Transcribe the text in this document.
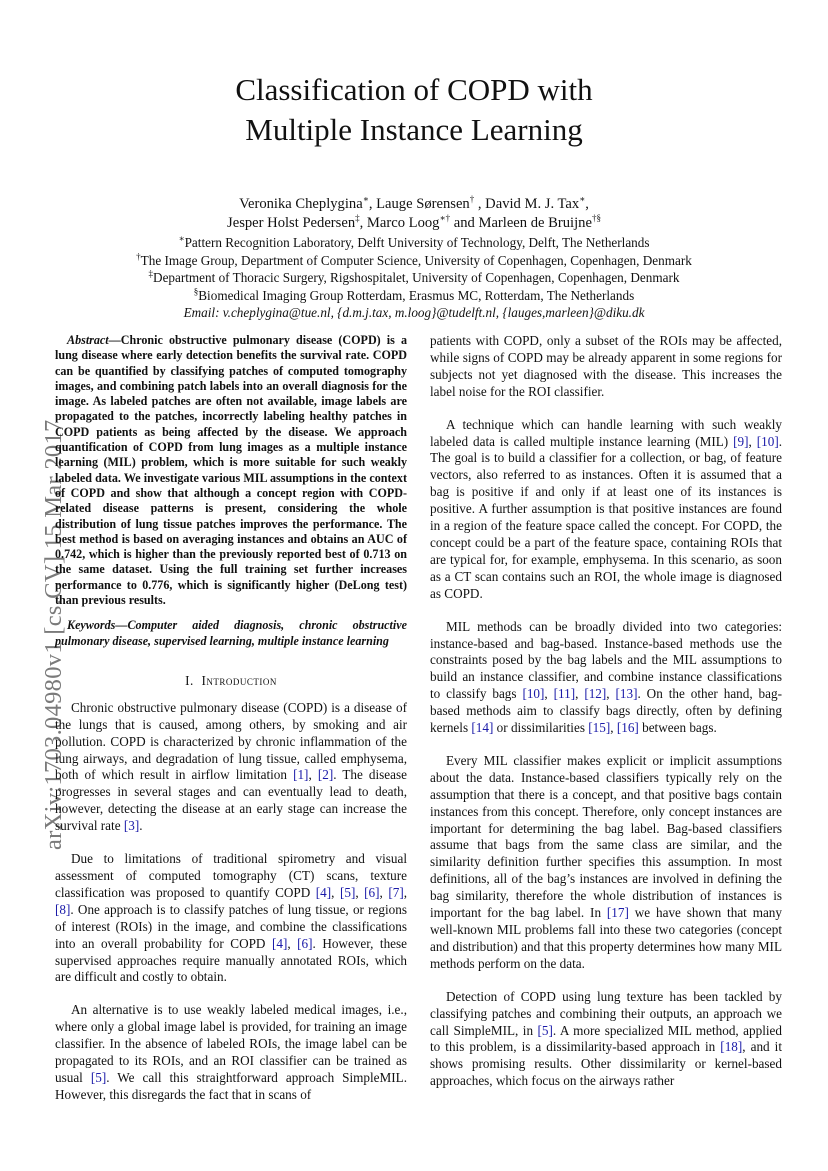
arXiv:1703.04980v1 [cs.CV] 15 Mar 2017
Classification of COPD with
Multiple Instance Learning
Veronika Cheplygina∗, Lauge Sørensen† , David M. J. Tax∗,
Jesper Holst Pedersen‡, Marco Loog∗† and Marleen de Bruijne†§
∗Pattern Recognition Laboratory, Delft University of Technology, Delft, The Netherlands
†The Image Group, Department of Computer Science, University of Copenhagen, Copenhagen, Denmark
‡Department of Thoracic Surgery, Rigshospitalet, University of Copenhagen, Copenhagen, Denmark
§Biomedical Imaging Group Rotterdam, Erasmus MC, Rotterdam, The Netherlands
Email: v.cheplygina@tue.nl, {d.m.j.tax, m.loog}@tudelft.nl, {lauges,marleen}@diku.dk

Abstract—Chronic obstructive pulmonary disease (COPD) is a lung disease where early detection benefits the survival rate. COPD can be quantified by classifying patches of computed tomography images, and combining patch labels into an overall diagnosis for the image. As labeled patches are often not available, image labels are propagated to the patches, incorrectly labeling healthy patches in COPD patients as being affected by the disease. We approach quantification of COPD from lung images as a multiple instance learning (MIL) problem, which is more suitable for such weakly labeled data. We investigate various MIL assumptions in the context of COPD and show that although a concept region with COPD-related disease patterns is present, considering the whole distribution of lung tissue patches improves the performance. The best method is based on averaging instances and obtains an AUC of 0.742, which is higher than the previously reported best of 0.713 on the same dataset. Using the full training set further increases performance to 0.776, which is significantly higher (DeLong test) than previous results.

Keywords—Computer aided diagnosis, chronic obstructive pulmonary disease, supervised learning, multiple instance learning

I. Introduction

Chronic obstructive pulmonary disease (COPD) is a disease of the lungs that is caused, among others, by smoking and air pollution. COPD is characterized by chronic inflammation of the lung airways, and degradation of lung tissue, called emphysema, both of which result in airflow limitation [1], [2]. The disease progresses in several stages and can eventually lead to death, however, detecting the disease at an early stage can increase the survival rate [3].

Due to limitations of traditional spirometry and visual assessment of computed tomography (CT) scans, texture classification was proposed to quantify COPD [4], [5], [6], [7], [8]. One approach is to classify patches of lung tissue, or regions of interest (ROIs) in the image, and combine the classifications into an overall probability for COPD [4], [6]. However, these supervised approaches require manually annotated ROIs, which are difficult and costly to obtain.

An alternative is to use weakly labeled medical images, i.e., where only a global image label is provided, for training an image classifier. In the absence of labeled ROIs, the image label can be propagated to its ROIs, and an ROI classifier can be trained as usual [5]. We call this straightforward approach SimpleMIL. However, this disregards the fact that in scans of

patients with COPD, only a subset of the ROIs may be affected, while signs of COPD may be already apparent in some regions for subjects not yet diagnosed with the disease. This increases the label noise for the ROI classifier.

A technique which can handle learning with such weakly labeled data is called multiple instance learning (MIL) [9], [10]. The goal is to build a classifier for a collection, or bag, of feature vectors, also referred to as instances. Often it is assumed that a bag is positive if and only if at least one of its instances is positive. A further assumption is that positive instances are found in a region of the feature space called the concept. For COPD, the concept could be a part of the feature space, containing ROIs that are typical for, for example, emphysema. In this scenario, as soon as a CT scan contains such an ROI, the whole image is diagnosed as COPD.

MIL methods can be broadly divided into two categories: instance-based and bag-based. Instance-based methods use the constraints posed by the bag labels and the MIL assumptions to build an instance classifier, and combine instance classifications to classify bags [10], [11], [12], [13]. On the other hand, bag-based methods aim to classify bags directly, often by defining kernels [14] or dissimilarities [15], [16] between bags.

Every MIL classifier makes explicit or implicit assumptions about the data. Instance-based classifiers typically rely on the assumption that there is a concept, and that positive bags contain instances from this concept. Therefore, only concept instances are important for determining the bag label. Bag-based classifiers assume that bags from the same class are similar, and the similarity definition further specifies this assumption. In most definitions, all of the bag’s instances are involved in defining the bag similarity, therefore the whole distribution of instances is important for the bag label. In [17] we have shown that many well-known MIL problems fall into these two categories (concept and distribution) and that this property determines how many MIL methods perform on the data.

Detection of COPD using lung texture has been tackled by classifying patches and combining their outputs, an approach we call SimpleMIL, in [5]. A more specialized MIL method, applied to this problem, is a dissimilarity-based approach in [18], and it shows promising results. Other dissimilarity or kernel-based approaches, which focus on the airways rather
